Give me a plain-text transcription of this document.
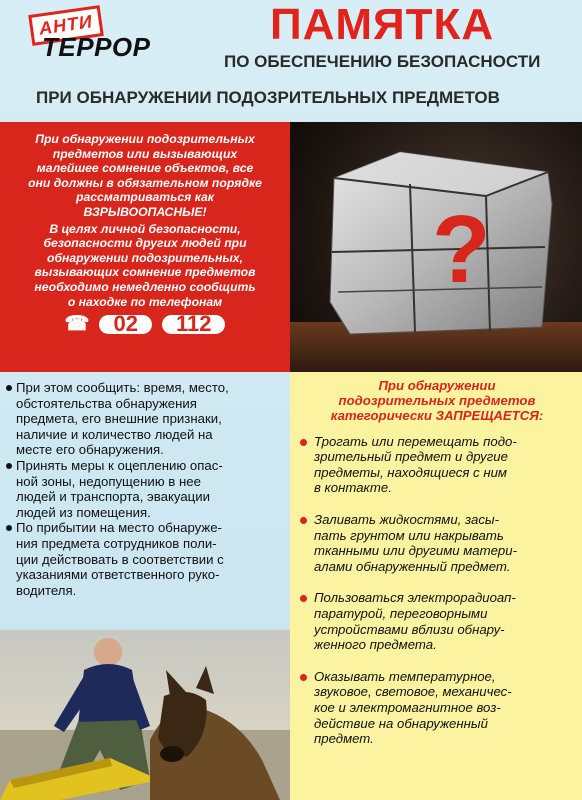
АНТИ
ТЕРРОР	ПАМЯТКА
ПО ОБЕСПЕЧЕНИЮ БЕЗОПАСНОСТИ
ПРИ ОБНАРУЖЕНИИ ПОДОЗРИТЕЛЬНЫХ ПРЕДМЕТОВ

При обнаружении подозрительных
предметов или вызывающих
малейшее сомнение объектов, все
они должны в обязательном порядке
рассматриваться как
ВЗРЫВООПАСНЫЕ!

В целях личной безопасности,
безопасности других людей при
обнаружении подозрительных,
вызывающих сомнение предметов
необходимо немедленно сообщить
о находке по телефонам

☎	02	112
?
При этом сообщить: время, место,
обстоятельства обнаружения
предмета, его внешние признаки,
наличие и количество людей на
месте его обнаружения.
Принять меры к оцеплению опас-
ной зоны, недопущению в нее
людей и транспорта, эвакуации
людей из помещения.
По прибытии на место обнаруже-
ния предмета сотрудников поли-
ции действовать в соответствии с
указаниями ответственного руко-
водителя.
При обнаружении
подозрительных предметов
категорически ЗАПРЕЩАЕТСЯ:
Трогать или перемещать подо-
зрительный предмет и другие
предметы, находящиеся с ним
в контакте.
Заливать жидкостями, засы-
пать грунтом или накрывать
тканными или другими матери-
алами обнаруженный предмет.
Пользоваться электрорадиоап-
паратурой, переговорными
устройствами вблизи обнару-
женного предмета.
Оказывать температурное,
звуковое, световое, механичес-
кое и электромагнитное воз-
действие на обнаруженный
предмет.
